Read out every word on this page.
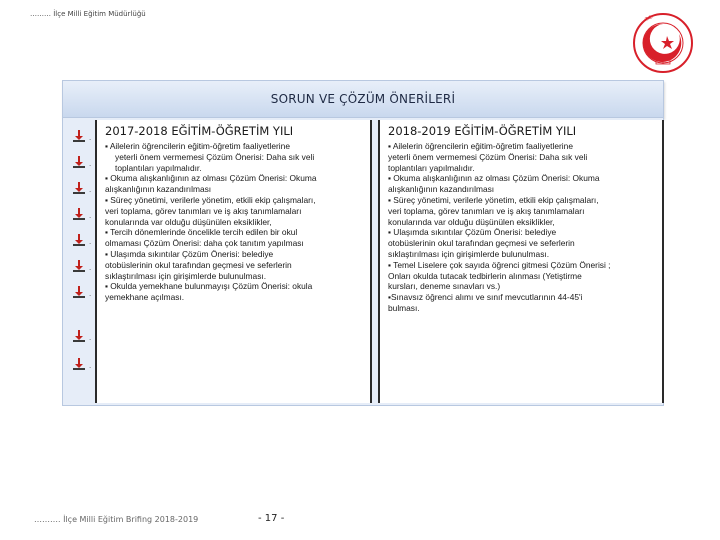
……… İlçe Milli Eğitim Müdürlüğü
T.C.
SORUN VE ÇÖZÜM ÖNERİLERİ
.
.
.
.
.
.
.
.
.
2017-2018 EĞİTİM-ÖĞRETİM YILI
▪ Ailelerin öğrencilerin eğitim-öğretim faaliyetlerine
yeterli önem vermemesi Çözüm Önerisi: Daha sık veli
toplantıları yapılmalıdır.
▪ Okuma alışkanlığının az olması Çözüm Önerisi: Okuma
alışkanlığının kazandırılması
▪ Süreç yönetimi, verilerle yönetim, etkili ekip çalışmaları,
veri toplama, görev tanımları ve iş akış tanımlamaları
konularında var olduğu düşünülen eksiklikler,
▪ Tercih dönemlerinde öncelikle tercih edilen bir okul
olmaması Çözüm Önerisi: daha çok tanıtım yapılması
▪ Ulaşımda sıkıntılar Çözüm Önerisi: belediye
otobüslerinin okul tarafından geçmesi ve seferlerin
sıklaştırılması için girişimlerde bulunulması.
▪ Okulda yemekhane bulunmayışı Çözüm Önerisi: okula
yemekhane açılması.
2018-2019 EĞİTİM-ÖĞRETİM YILI
▪ Ailelerin öğrencilerin eğitim-öğretim faaliyetlerine
yeterli önem vermemesi Çözüm Önerisi: Daha sık veli
toplantıları yapılmalıdır.
▪ Okuma alışkanlığının az olması Çözüm Önerisi: Okuma
alışkanlığının kazandırılması
▪ Süreç yönetimi, verilerle yönetim, etkili ekip çalışmaları,
veri toplama, görev tanımları ve iş akış tanımlamaları
konularında var olduğu düşünülen eksiklikler,
▪ Ulaşımda sıkıntılar Çözüm Önerisi: belediye
otobüslerinin okul tarafından geçmesi ve seferlerin
sıklaştırılması için girişimlerde bulunulması.
▪ Temel Liselere çok sayıda öğrenci gitmesi Çözüm Önerisi ;
Onları okulda tutacak tedbirlerin alınması (Yetiştirme
kursları, deneme sınavları vs.)
▪Sınavsız öğrenci alımı ve sınıf mevcutlarının 44-45'i
bulması.
………. İlçe Milli Eğitim Brifing 2018-2019	- 17 -
